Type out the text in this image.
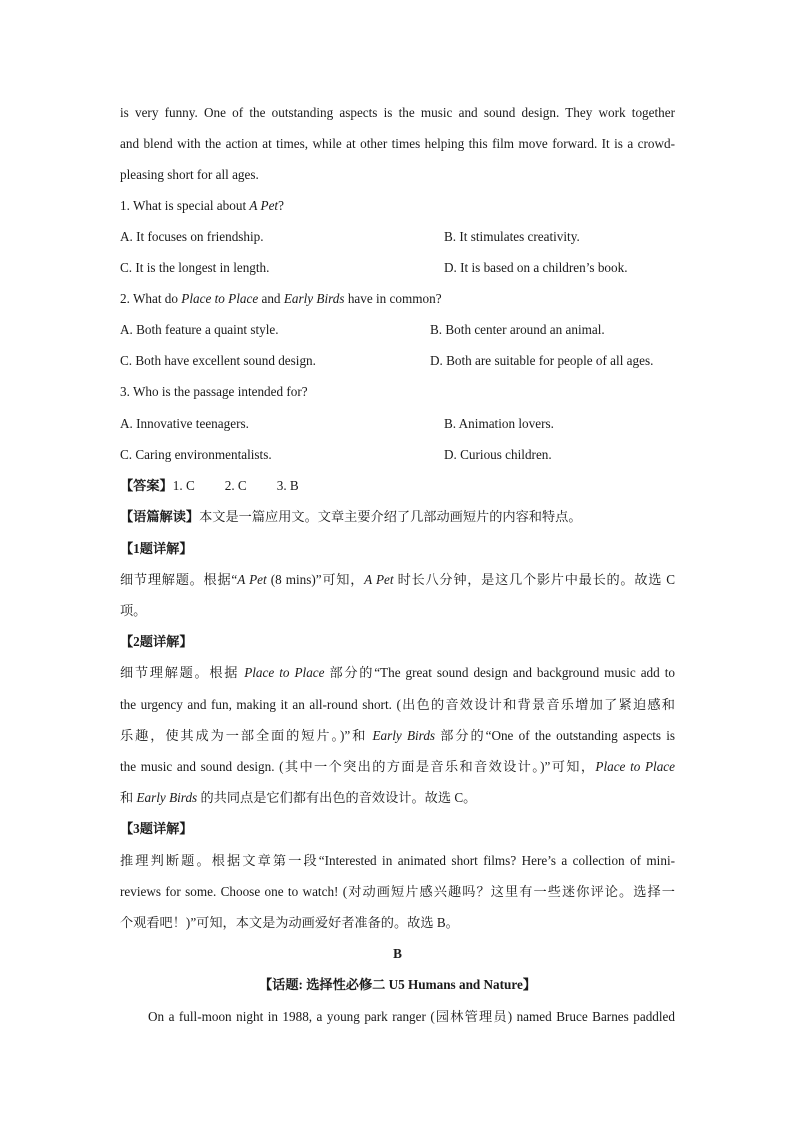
is very funny. One of the outstanding aspects is the music and sound design. They work together
and blend with the action at times, while at other times helping this film move forward. It is a crowd-
pleasing short for all ages.
1. What is special about A Pet?
A. It focuses on friendship.	B. It stimulates creativity.
C. It is the longest in length.	D. It is based on a children’s book.
2. What do Place to Place and Early Birds have in common?
A. Both feature a quaint style.	B. Both center around an animal.
C. Both have excellent sound design.	D. Both are suitable for people of all ages.
3. Who is the passage intended for?
A. Innovative teenagers.	B. Animation lovers.
C. Caring environmentalists.	D. Curious children.
【答案】1. C 2. C 3. B
【语篇解读】本文是一篇应用文。文章主要介绍了几部动画短片的内容和特点。
【1题详解】
细节理解题。根据“A Pet (8 mins)”可知，A Pet 时长八分钟，是这几个影片中最长的。故选 C
项。
【2题详解】
细节理解题。根据 Place to Place 部分的“The great sound design and background music add to
the urgency and fun, making it an all-round short. (出色的音效设计和背景音乐增加了紧迫感和
乐趣，使其成为一部全面的短片。)”和 Early Birds 部分的“One of the outstanding aspects is
the music and sound design. (其中一个突出的方面是音乐和音效设计。)”可知，Place to Place
和 Early Birds 的共同点是它们都有出色的音效设计。故选 C。
【3题详解】
推理判断题。根据文章第一段“Interested in animated short films? Here’s a collection of mini-
reviews for some. Choose one to watch! (对动画短片感兴趣吗？这里有一些迷你评论。选择一
个观看吧！)”可知，本文是为动画爱好者准备的。故选 B。
B
【话题: 选择性必修二 U5 Humans and Nature】
On a full-moon night in 1988, a young park ranger (园林管理员) named Bruce Barnes paddled
